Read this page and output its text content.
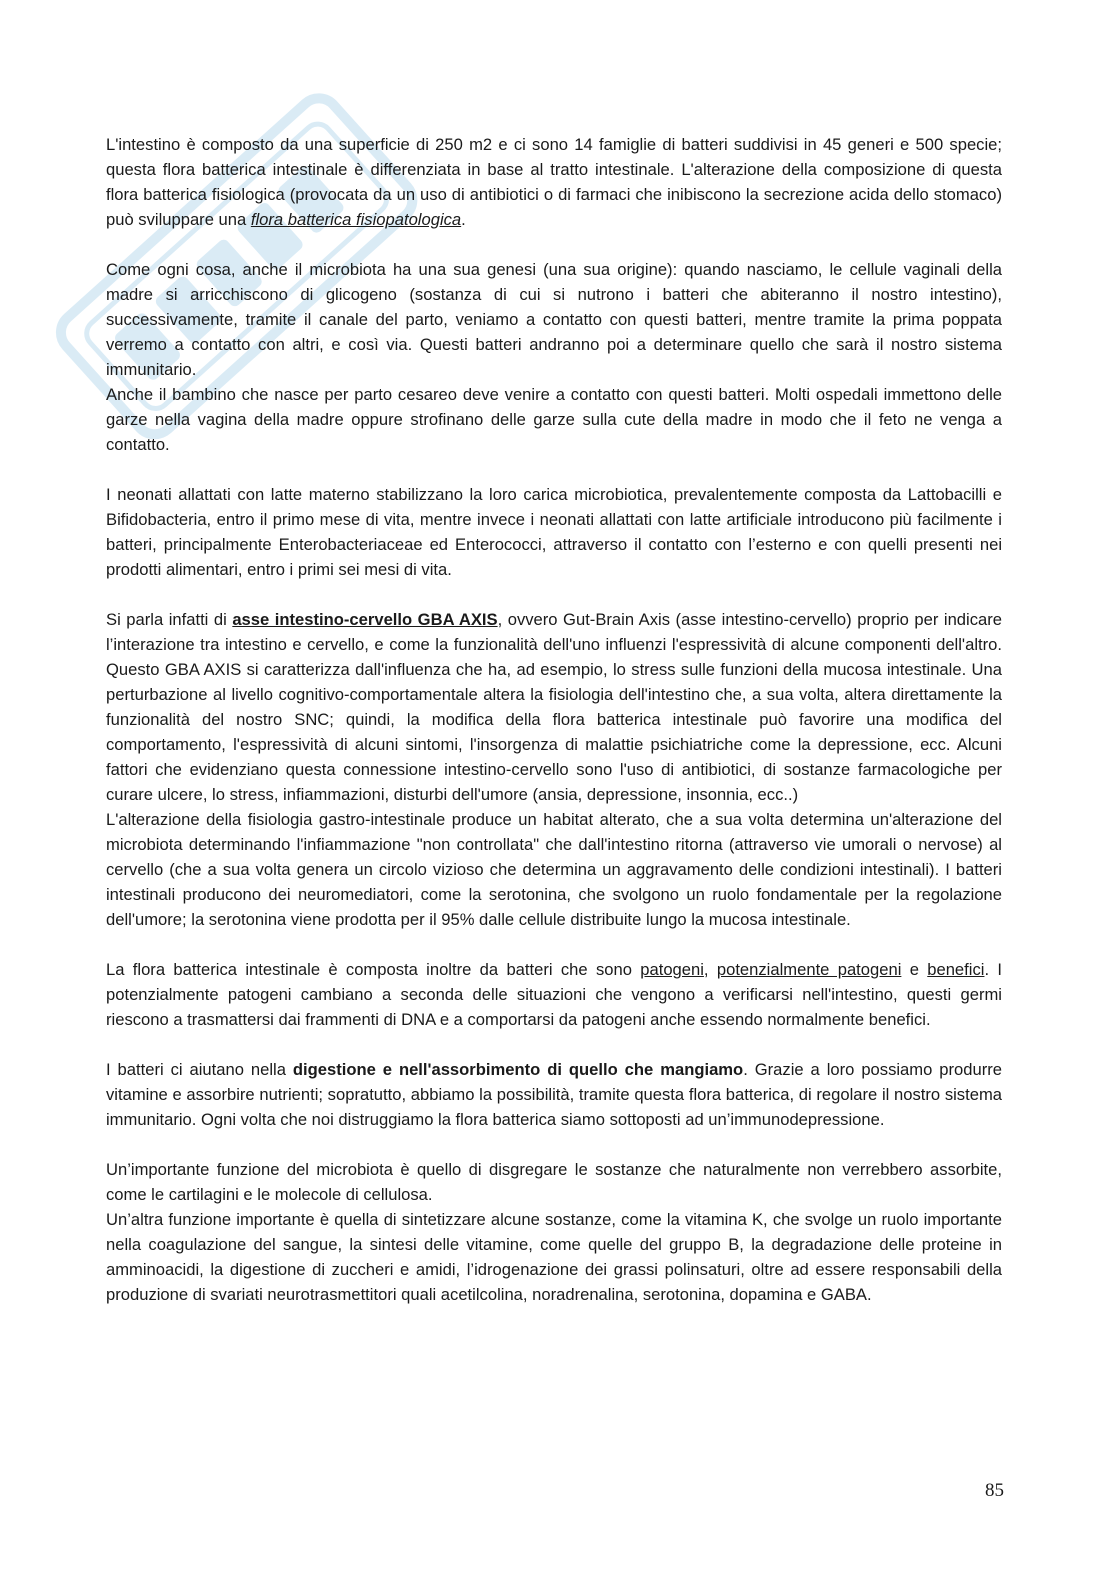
L'intestino è composto da una superficie di 250 m2 e ci sono 14 famiglie di batteri suddivisi in 45 generi e 500 specie; questa flora batterica intestinale è differenziata in base al tratto intestinale. L'alterazione della composizione di questa flora batterica fisiologica (provocata da un uso di antibiotici o di farmaci che inibiscono la secrezione acida dello stomaco) può sviluppare una flora batterica fisiopatologica.

Come ogni cosa, anche il microbiota ha una sua genesi (una sua origine): quando nasciamo, le cellule vaginali della madre si arricchiscono di glicogeno (sostanza di cui si nutrono i batteri che abiteranno il nostro intestino), successivamente, tramite il canale del parto, veniamo a contatto con questi batteri, mentre tramite la prima poppata verremo a contatto con altri, e così via. Questi batteri andranno poi a determinare quello che sarà il nostro sistema immunitario.

Anche il bambino che nasce per parto cesareo deve venire a contatto con questi batteri. Molti ospedali immettono delle garze nella vagina della madre oppure strofinano delle garze sulla cute della madre in modo che il feto ne venga a contatto.

I neonati allattati con latte materno stabilizzano la loro carica microbiotica, prevalentemente composta da Lattobacilli e Bifidobacteria, entro il primo mese di vita, mentre invece i neonati allattati con latte artificiale introducono più facilmente i batteri, principalmente Enterobacteriaceae ed Enterococci, attraverso il contatto con l’esterno e con quelli presenti nei prodotti alimentari, entro i primi sei mesi di vita.

Si parla infatti di asse intestino-cervello GBA AXIS, ovvero Gut-Brain Axis (asse intestino-cervello) proprio per indicare l’interazione tra intestino e cervello, e come la funzionalità dell'uno influenzi l'espressività di alcune componenti dell'altro. Questo GBA AXIS si caratterizza dall'influenza che ha, ad esempio, lo stress sulle funzioni della mucosa intestinale. Una perturbazione al livello cognitivo-comportamentale altera la fisiologia dell'intestino che, a sua volta, altera direttamente la funzionalità del nostro SNC; quindi, la modifica della flora batterica intestinale può favorire una modifica del comportamento, l'espressività di alcuni sintomi, l'insorgenza di malattie psichiatriche come la depressione, ecc. Alcuni fattori che evidenziano questa connessione intestino-cervello sono l'uso di antibiotici, di sostanze farmacologiche per curare ulcere, lo stress, infiammazioni, disturbi dell'umore (ansia, depressione, insonnia, ecc..)

L'alterazione della fisiologia gastro-intestinale produce un habitat alterato, che a sua volta determina un'alterazione del microbiota determinando l'infiammazione "non controllata" che dall'intestino ritorna (attraverso vie umorali o nervose) al cervello (che a sua volta genera un circolo vizioso che determina un aggravamento delle condizioni intestinali). I batteri intestinali producono dei neuromediatori, come la serotonina, che svolgono un ruolo fondamentale per la regolazione dell'umore; la serotonina viene prodotta per il 95% dalle cellule distribuite lungo la mucosa intestinale.

La flora batterica intestinale è composta inoltre da batteri che sono patogeni, potenzialmente patogeni e benefici. I potenzialmente patogeni cambiano a seconda delle situazioni che vengono a verificarsi nell'intestino, questi germi riescono a trasmattersi dai frammenti di DNA e a comportarsi da patogeni anche essendo normalmente benefici.

I batteri ci aiutano nella digestione e nell'assorbimento di quello che mangiamo. Grazie a loro possiamo produrre vitamine e assorbire nutrienti; sopratutto, abbiamo la possibilità, tramite questa flora batterica, di regolare il nostro sistema immunitario. Ogni volta che noi distruggiamo la flora batterica siamo sottoposti ad un’immunodepressione.

Un’importante funzione del microbiota è quello di disgregare le sostanze che naturalmente non verrebbero assorbite, come le cartilagini e le molecole di cellulosa.

Un’altra funzione importante è quella di sintetizzare alcune sostanze, come la vitamina K, che svolge un ruolo importante nella coagulazione del sangue, la sintesi delle vitamine, come quelle del gruppo B, la degradazione delle proteine in amminoacidi, la digestione di zuccheri e amidi, l’idrogenazione dei grassi polinsaturi, oltre ad essere responsabili della produzione di svariati neurotrasmettitori quali acetilcolina, noradrenalina, serotonina, dopamina e GABA.

85
